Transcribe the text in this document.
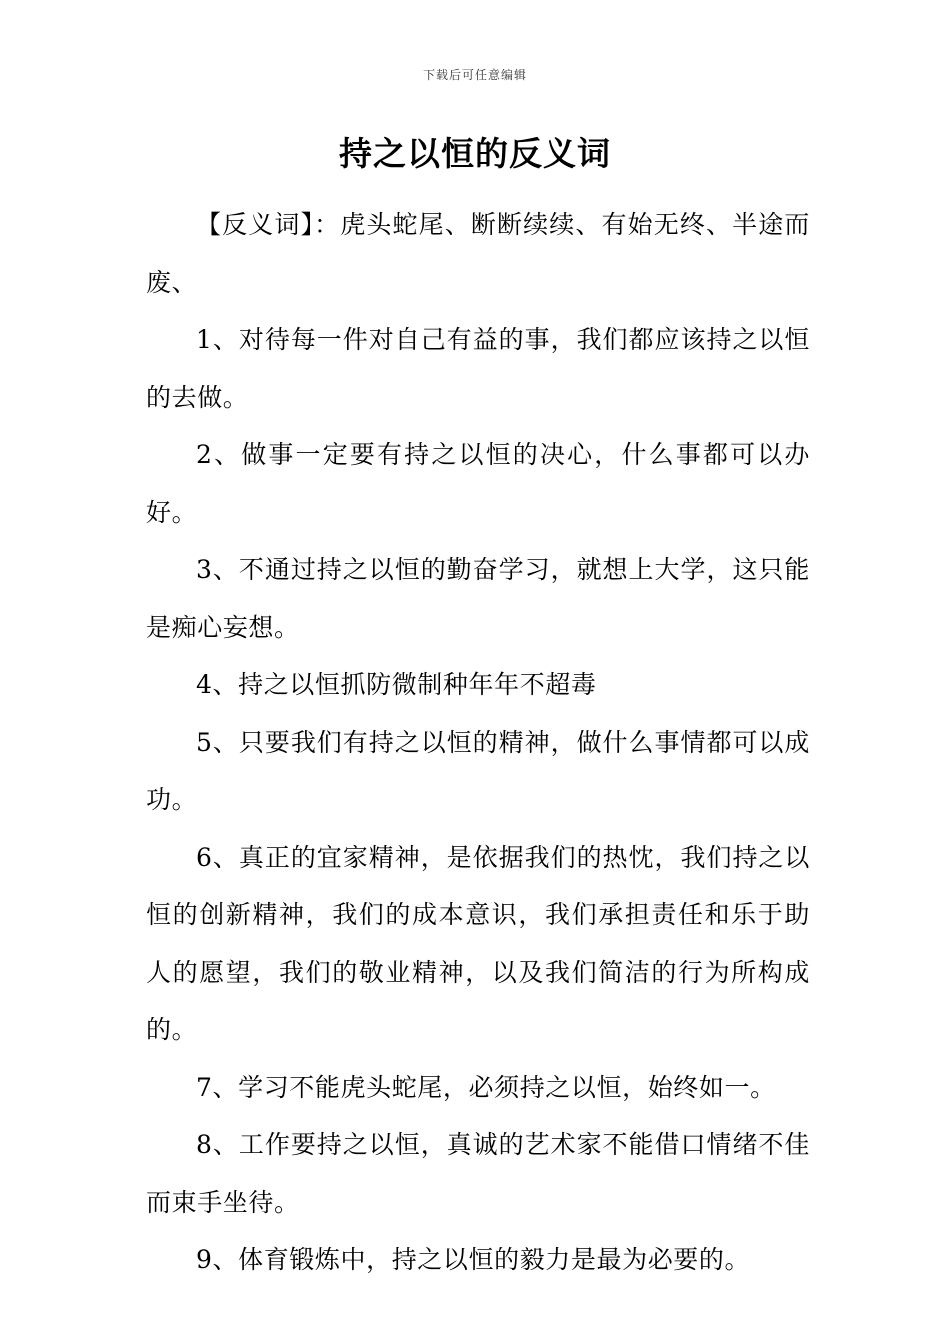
下载后可任意编辑
持之以恒的反义词

【反义词】：虎头蛇尾、断断续续、有始无终、半途而废、

1、对待每一件对自己有益的事，我们都应该持之以恒的去做。

2、做事一定要有持之以恒的决心，什么事都可以办好。

3、不通过持之以恒的勤奋学习，就想上大学，这只能是痴心妄想。

4、持之以恒抓防微制种年年不超毒

5、只要我们有持之以恒的精神，做什么事情都可以成功。

6、真正的宜家精神，是依据我们的热忱，我们持之以恒的创新精神，我们的成本意识，我们承担责任和乐于助人的愿望，我们的敬业精神，以及我们简洁的行为所构成的。

7、学习不能虎头蛇尾，必须持之以恒，始终如一。

8、工作要持之以恒，真诚的艺术家不能借口情绪不佳而束手坐待。

9、体育锻炼中，持之以恒的毅力是最为必要的。
